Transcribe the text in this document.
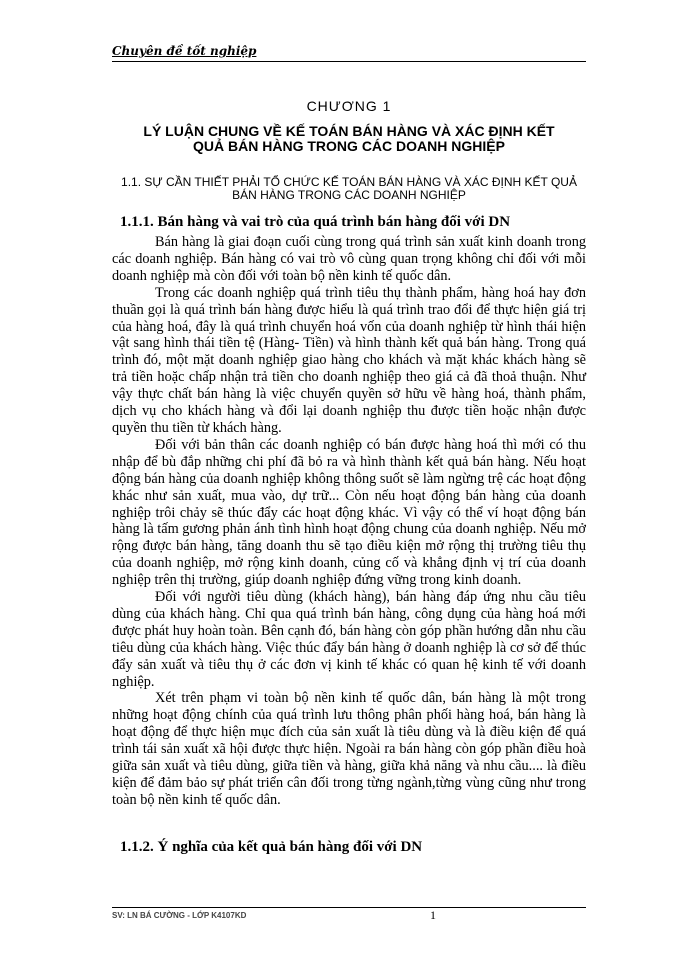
Chuyên đề tốt nghiệp
CHƯƠNG 1
LÝ LUẬN CHUNG VỀ KẾ TOÁN BÁN HÀNG VÀ XÁC ĐỊNH KẾT QUẢ BÁN HÀNG TRONG CÁC DOANH NGHIỆP
1.1. SỰ CẦN THIẾT PHẢI TỔ CHỨC KẾ TOÁN BÁN HÀNG VÀ XÁC ĐỊNH KẾT QUẢ BÁN HÀNG TRONG CÁC DOANH NGHIỆP
1.1.1. Bán hàng và vai trò của quá trình bán hàng đối với DN

Bán hàng là giai đoạn cuối cùng trong quá trình sản xuất kinh doanh trong các doanh nghiệp. Bán hàng có vai trò vô cùng quan trọng không chỉ đối với mỗi doanh nghiệp mà còn đối với toàn bộ nền kinh tế quốc dân.

Trong các doanh nghiệp quá trình tiêu thụ thành phẩm, hàng hoá hay đơn thuần gọi là quá trình bán hàng được hiểu là quá trình trao đổi để thực hiện giá trị của hàng hoá, đây là quá trình chuyển hoá vốn của doanh nghiệp từ hình thái hiện vật sang hình thái tiền tệ (Hàng- Tiền) và hình thành kết quả bán hàng. Trong quá trình đó, một mặt doanh nghiệp giao hàng cho khách và mặt khác khách hàng sẽ trả tiền hoặc chấp nhận trả tiền cho doanh nghiệp theo giá cả đã thoả thuận. Như vậy thực chất bán hàng là việc chuyển quyền sở hữu về hàng hoá, thành phẩm, dịch vụ cho khách hàng và đổi lại doanh nghiệp thu được tiền hoặc nhận được quyền thu tiền từ khách hàng.

Đối với bản thân các doanh nghiệp có bán được hàng hoá thì mới có thu nhập để bù đắp những chi phí đã bỏ ra và hình thành kết quả bán hàng. Nếu hoạt động bán hàng của doanh nghiệp không thông suốt sẽ làm ngừng trệ các hoạt động khác như sản xuất, mua vào, dự trữ... Còn nếu hoạt động bán hàng của doanh nghiệp trôi chảy sẽ thúc đẩy các hoạt động khác. Vì vậy có thể ví hoạt động bán hàng là tấm gương phản ánh tình hình hoạt động chung của doanh nghiệp. Nếu mở rộng được bán hàng, tăng doanh thu sẽ tạo điều kiện mở rộng thị trường tiêu thụ của doanh nghiệp, mở rộng kinh doanh, củng cố và khẳng định vị trí của doanh nghiệp trên thị trường, giúp doanh nghiệp đứng vững trong kinh doanh.

Đối với người tiêu dùng (khách hàng), bán hàng đáp ứng nhu cầu tiêu dùng của khách hàng. Chỉ qua quá trình bán hàng, công dụng của hàng hoá mới được phát huy hoàn toàn. Bên cạnh đó, bán hàng còn góp phần hướng dẫn nhu cầu tiêu dùng của khách hàng. Việc thúc đẩy bán hàng ở doanh nghiệp là cơ sở để thúc đẩy sản xuất và tiêu thụ ở các đơn vị kinh tế khác có quan hệ kinh tế với doanh nghiệp.

Xét trên phạm vi toàn bộ nền kinh tế quốc dân, bán hàng là một trong những hoạt động chính của quá trình lưu thông phân phối hàng hoá, bán hàng là hoạt động để thực hiện mục đích của sản xuất là tiêu dùng và là điều kiện để quá trình tái sản xuất xã hội được thực hiện. Ngoài ra bán hàng còn góp phần điều hoà giữa sản xuất và tiêu dùng, giữa tiền và hàng, giữa khả năng và nhu cầu.... là điều kiện để đảm bảo sự phát triển cân đối trong từng ngành,từng vùng cũng như trong toàn bộ nền kinh tế quốc dân.

1.1.2. Ý nghĩa của kết quả bán hàng đối với DN
SV: LN BÁ CƯỜNG - LỚP K4107KD	1
